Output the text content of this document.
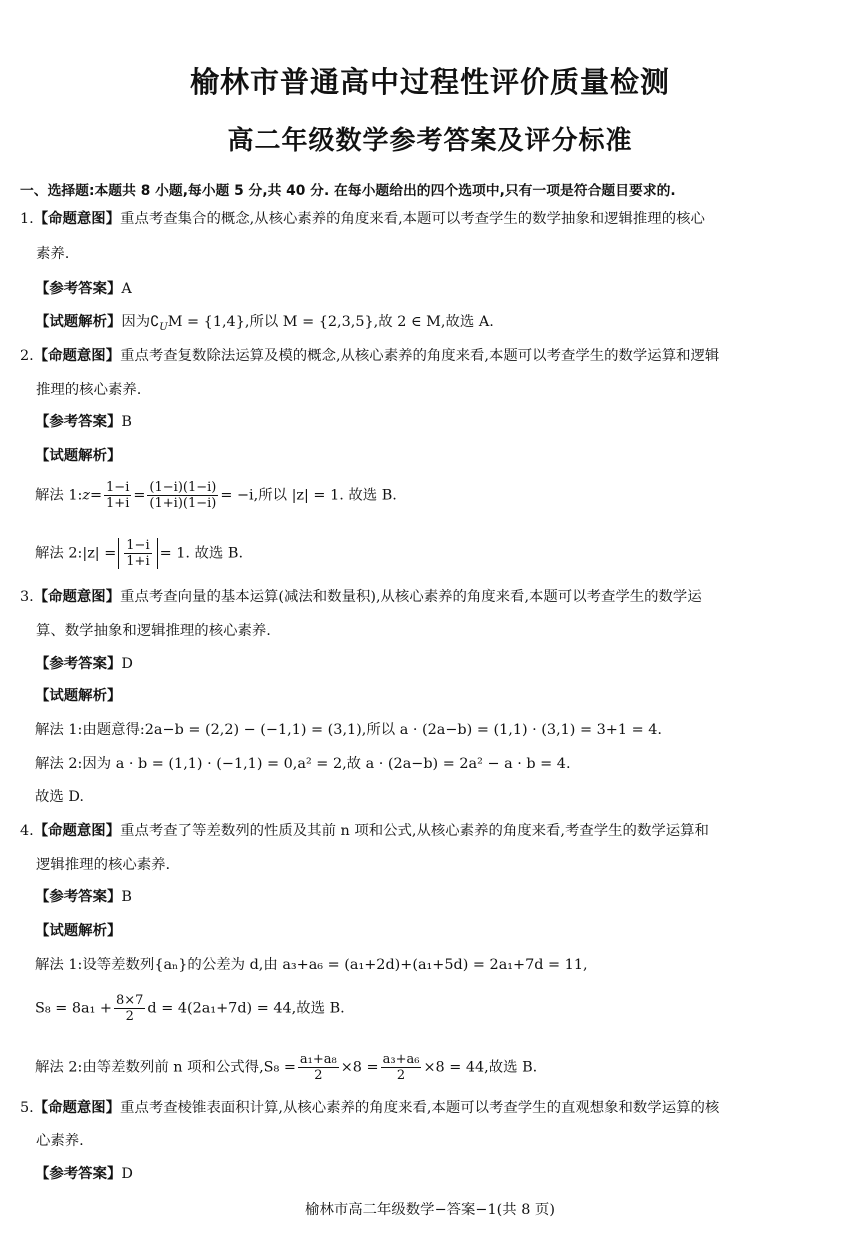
榆林市普通高中过程性评价质量检测
高二年级数学参考答案及评分标准
一、选择题:本题共 8 小题,每小题 5 分,共 40 分. 在每小题给出的四个选项中,只有一项是符合题目要求的.
1.【命题意图】重点考查集合的概念,从核心素养的角度来看,本题可以考查学生的数学抽象和逻辑推理的核心
素养.
【参考答案】A
【试题解析】因为$∁_UM = \{1,4\}$,所以 M = {2,3,5},故 2 ∈ M,故选 A.
2.【命题意图】重点考查复数除法运算及模的概念,从核心素养的角度来看,本题可以考查学生的数学运算和逻辑
推理的核心素养.
【参考答案】B
【试题解析】
解法 1:z= $\frac{1-i}{1+i} = \frac{(1-i)(1-i)}{(1+i)(1-i)} = -i$,所以 |z| = 1. 故选 B.
解法 2:|z| = $\frac{1-i}{1+i} = 1$. 故选 B.
3.【命题意图】重点考查向量的基本运算(减法和数量积),从核心素养的角度来看,本题可以考查学生的数学运
算、数学抽象和逻辑推理的核心素养.
【参考答案】D
【试题解析】
解法 1:由题意得:2a−b = (2,2) − (−1,1) = (3,1),所以 a · (2a−b) = (1,1) · (3,1) = 3+1 = 4.
解法 2:因为 a · b = (1,1) · (−1,1) = 0,a² = 2,故 a · (2a−b) = 2a² − a · b = 4.
故选 D.
4.【命题意图】重点考查了等差数列的性质及其前 n 项和公式,从核心素养的角度来看,考查学生的数学运算和
逻辑推理的核心素养.
【参考答案】B
【试题解析】
解法 1:设等差数列{aₙ}的公差为 d,由 a₃+a₆ = (a₁+2d)+(a₁+5d) = 2a₁+7d = 11,
$S_8 = 8a_1 + \frac{8\times 7}{2}$ d = 4(2a₁+7d) = 44,故选 B.
解法 2:由等差数列前 n 项和公式得$,S_8 = \frac{\text{a₁+a₈}}{2} \times 8 = \frac{\text{a₃+a₆}}{2} \times 8 = 44$,故选 B.
5.【命题意图】重点考查棱锥表面积计算,从核心素养的角度来看,本题可以考查学生的直观想象和数学运算的核
心素养.
【参考答案】D
榆林市高二年级数学−答案−1(共 8 页)
